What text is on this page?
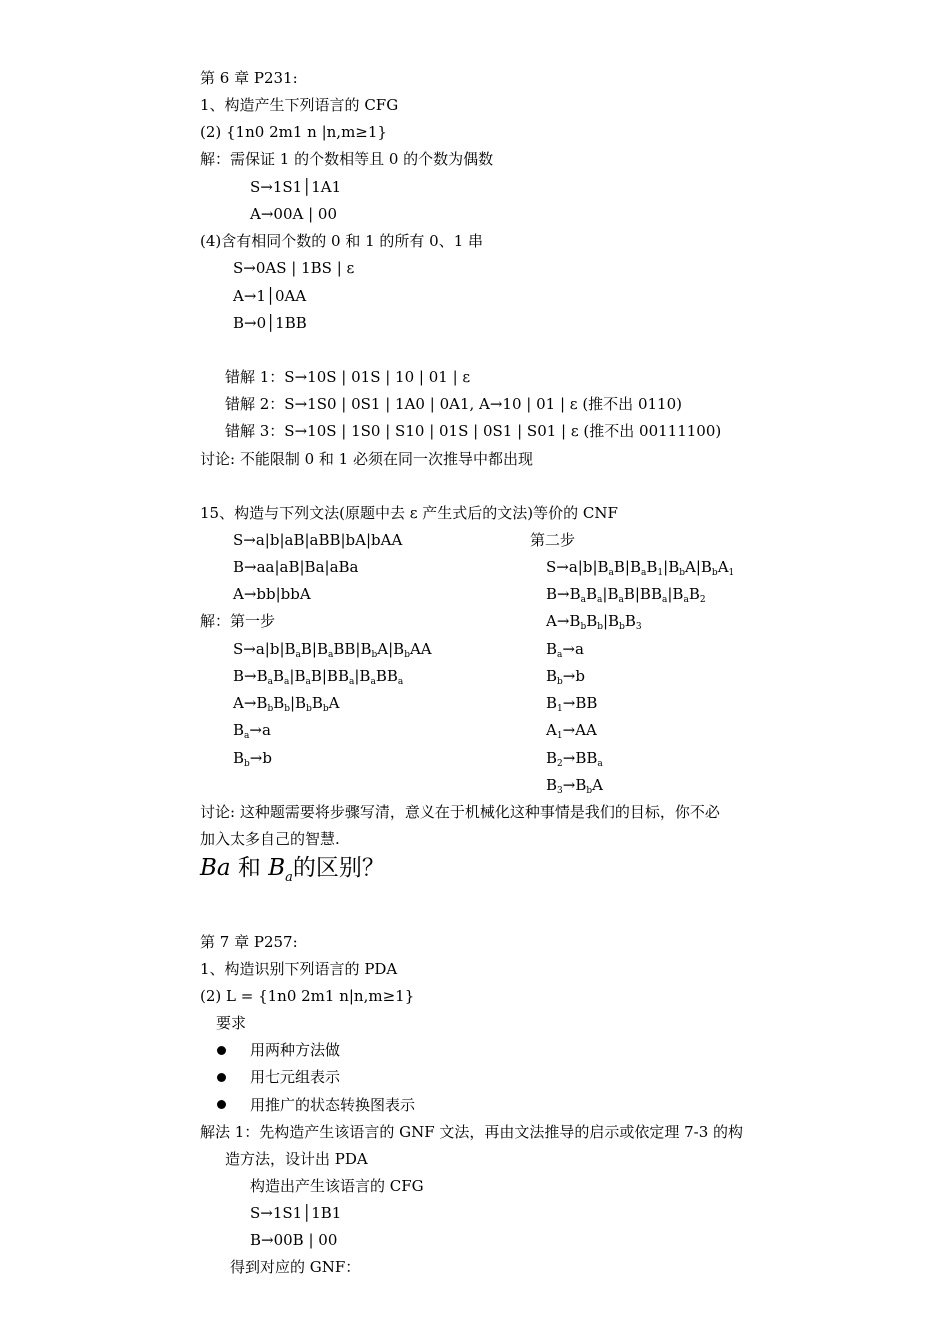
第 6 章 P231:
1、构造产生下列语言的 CFG
(2) {1n0 2m1 n |n,m≥1}
解：需保证 1 的个数相等且 0 的个数为偶数
S→1S1│1A1
A→00A | 00
(4)含有相同个数的 0 和 1 的所有 0、1 串
S→0AS | 1BS | ε
A→1│0AA
B→0│1BB
错解 1：S→10S | 01S | 10 | 01 | ε
错解 2：S→1S0 | 0S1 | 1A0 | 0A1, A→10 | 01 | ε (推不出 0110)
错解 3：S→10S | 1S0 | S10 | 01S | 0S1 | S01 | ε (推不出 00111100)
讨论: 不能限制 0 和 1 必须在同一次推导中都出现
15、构造与下列文法(原题中去 ε 产生式后的文法)等价的 CNF
S→a|b|aB|aBB|bA|bAA	第二步
B→aa|aB|Ba|aBa	$S\to a|b|B_aB|B_aB_1|B_bA|B_bA_1$
A→bb|bbA	$B\to B_aB_a|B_aB|BB_a|B_aB_2$
解：第一步	$A\to B_bB_b|B_bB_3$
$S\to a|b|B_aB|B_aBB|B_bA|B_bAA$	$B_a\to a$
$B\to B_aB_a|B_aB|BB_a|B_aBB_a$	$B_b\to b$
$A\to B_bB_b|B_bB_bA$	$B_1\to BB$
$B_a\to a$	$A_1\to AA$
$B_b\to b$	$B_2\to BB_a$
$B_3\to B_bA$
讨论: 这种题需要将步骤写清，意义在于机械化这种事情是我们的目标，你不必
加入太多自己的智慧.
Ba 和 $B_a$的区别？
第 7 章 P257:
1、构造识别下列语言的 PDA
(2) L = {1n0 2m1 n|n,m≥1}
要求
用两种方法做
用七元组表示
用推广的状态转换图表示
解法 1：先构造产生该语言的 GNF 文法，再由文法推导的启示或依定理 7-3 的构
造方法，设计出 PDA
构造出产生该语言的 CFG
S→1S1│1B1
B→00B | 00
得到对应的 GNF：
